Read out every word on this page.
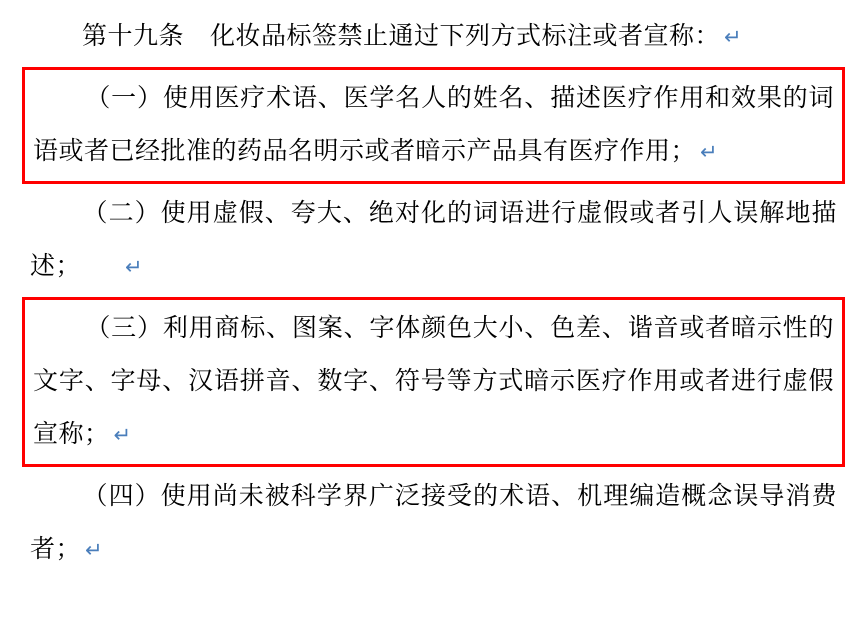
第十九条 化妆品标签禁止通过下列方式标注或者宣称： ↵
（一）使用医疗术语、医学名人的姓名、描述医疗作用和效果的词语或者已经批准的药品名明示或者暗示产品具有医疗作用； ↵
（二）使用虚假、夸大、绝对化的词语进行虚假或者引人误解地描述； ↵
（三）利用商标、图案、字体颜色大小、色差、谐音或者暗示性的文字、字母、汉语拼音、数字、符号等方式暗示医疗作用或者进行虚假宣称； ↵
（四）使用尚未被科学界广泛接受的术语、机理编造概念误导消费者； ↵
